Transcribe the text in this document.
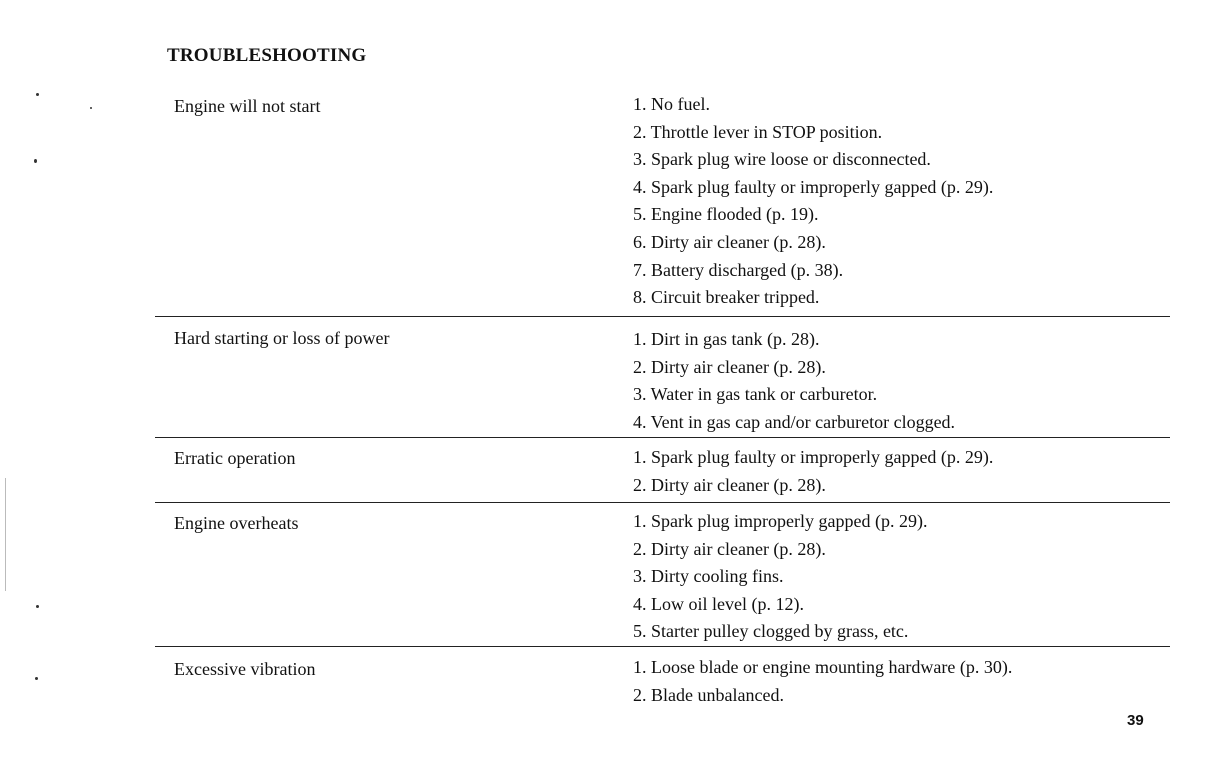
TROUBLESHOOTING
Engine will not start	1. No fuel.
2. Throttle lever in STOP position.
3. Spark plug wire loose or disconnected.
4. Spark plug faulty or improperly gapped (p. 29).
5. Engine flooded (p. 19).
6. Dirty air cleaner (p. 28).
7. Battery discharged (p. 38).
8. Circuit breaker tripped.
Hard starting or loss of power	1. Dirt in gas tank (p. 28).
2. Dirty air cleaner (p. 28).
3. Water in gas tank or carburetor.
4. Vent in gas cap and/or carburetor clogged.
Erratic operation	1. Spark plug faulty or improperly gapped (p. 29).
2. Dirty air cleaner (p. 28).
Engine overheats	1. Spark plug improperly gapped (p. 29).
2. Dirty air cleaner (p. 28).
3. Dirty cooling fins.
4. Low oil level (p. 12).
5. Starter pulley clogged by grass, etc.
Excessive vibration	1. Loose blade or engine mounting hardware (p. 30).
2. Blade unbalanced.
39
